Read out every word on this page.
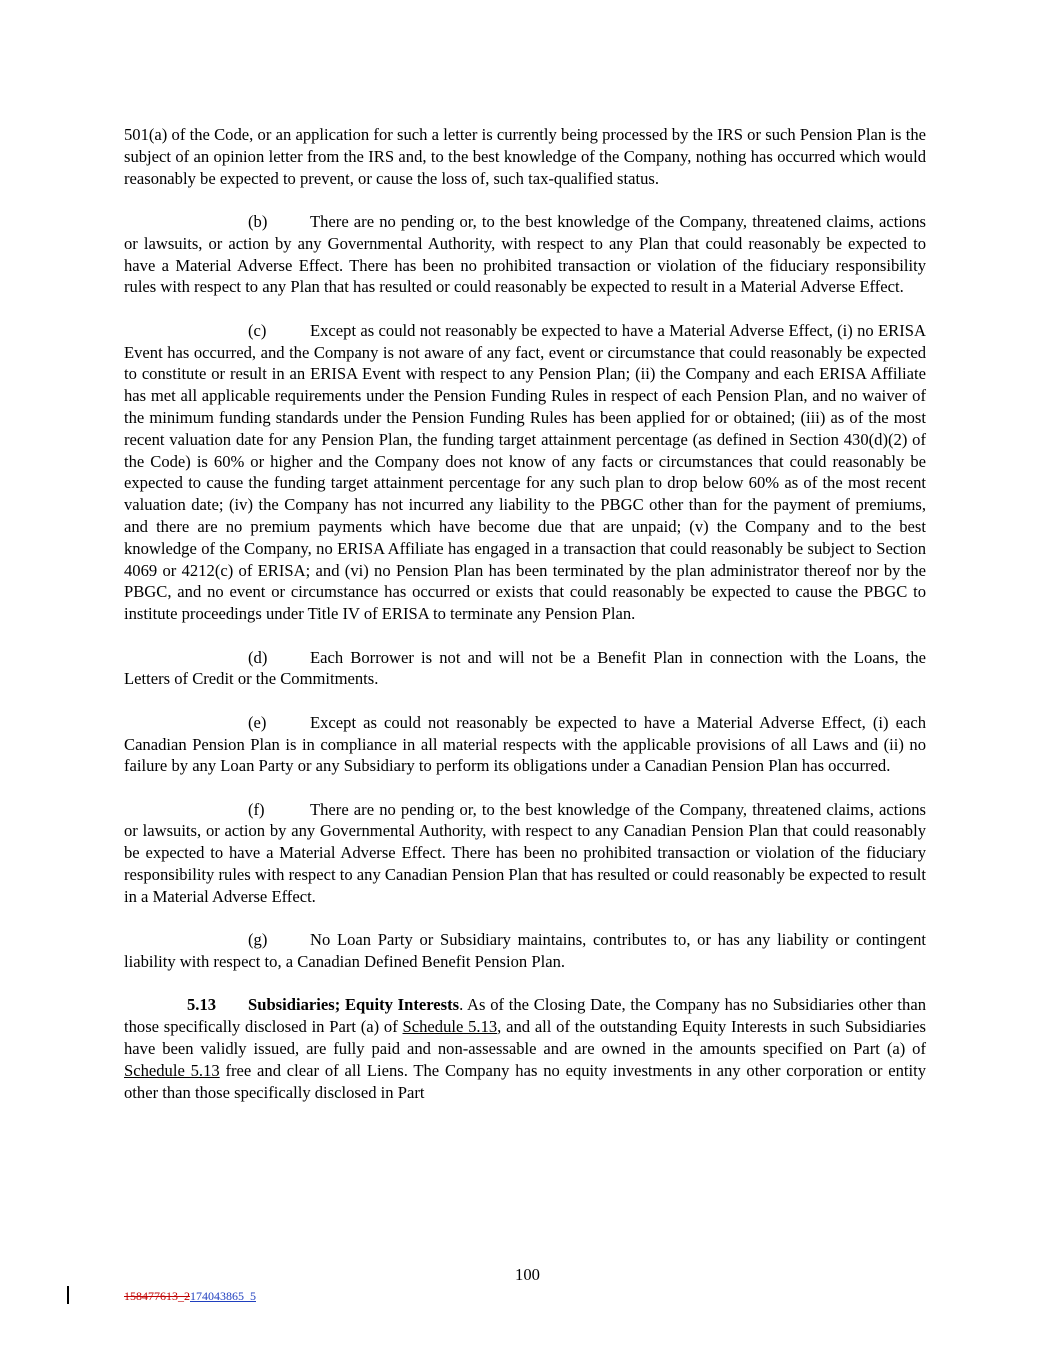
501(a) of the Code, or an application for such a letter is currently being processed by the IRS or such Pension Plan is the subject of an opinion letter from the IRS and, to the best knowledge of the Company, nothing has occurred which would reasonably be expected to prevent, or cause the loss of, such tax-qualified status.

(b)	There are no pending or, to the best knowledge of the Company, threatened claims, actions or lawsuits, or action by any Governmental Authority, with respect to any Plan that could reasonably be expected to have a Material Adverse Effect. There has been no prohibited transaction or violation of the fiduciary responsibility rules with respect to any Plan that has resulted or could reasonably be expected to result in a Material Adverse Effect.

(c)	Except as could not reasonably be expected to have a Material Adverse Effect, (i) no ERISA Event has occurred, and the Company is not aware of any fact, event or circumstance that could reasonably be expected to constitute or result in an ERISA Event with respect to any Pension Plan; (ii) the Company and each ERISA Affiliate has met all applicable requirements under the Pension Funding Rules in respect of each Pension Plan, and no waiver of the minimum funding standards under the Pension Funding Rules has been applied for or obtained; (iii) as of the most recent valuation date for any Pension Plan, the funding target attainment percentage (as defined in Section 430(d)(2) of the Code) is 60% or higher and the Company does not know of any facts or circumstances that could reasonably be expected to cause the funding target attainment percentage for any such plan to drop below 60% as of the most recent valuation date; (iv) the Company has not incurred any liability to the PBGC other than for the payment of premiums, and there are no premium payments which have become due that are unpaid; (v) the Company and to the best knowledge of the Company, no ERISA Affiliate has engaged in a transaction that could reasonably be subject to Section 4069 or 4212(c) of ERISA; and (vi) no Pension Plan has been terminated by the plan administrator thereof nor by the PBGC, and no event or circumstance has occurred or exists that could reasonably be expected to cause the PBGC to institute proceedings under Title IV of ERISA to terminate any Pension Plan.

(d)	Each Borrower is not and will not be a Benefit Plan in connection with the Loans, the Letters of Credit or the Commitments.

(e)	Except as could not reasonably be expected to have a Material Adverse Effect, (i) each Canadian Pension Plan is in compliance in all material respects with the applicable provisions of all Laws and (ii) no failure by any Loan Party or any Subsidiary to perform its obligations under a Canadian Pension Plan has occurred.

(f)	There are no pending or, to the best knowledge of the Company, threatened claims, actions or lawsuits, or action by any Governmental Authority, with respect to any Canadian Pension Plan that could reasonably be expected to have a Material Adverse Effect. There has been no prohibited transaction or violation of the fiduciary responsibility rules with respect to any Canadian Pension Plan that has resulted or could reasonably be expected to result in a Material Adverse Effect.

(g)	No Loan Party or Subsidiary maintains, contributes to, or has any liability or contingent liability with respect to, a Canadian Defined Benefit Pension Plan.

5.13 Subsidiaries; Equity Interests. As of the Closing Date, the Company has no Subsidiaries other than those specifically disclosed in Part (a) of Schedule 5.13, and all of the outstanding Equity Interests in such Subsidiaries have been validly issued, are fully paid and non-assessable and are owned in the amounts specified on Part (a) of Schedule 5.13 free and clear of all Liens. The Company has no equity investments in any other corporation or entity other than those specifically disclosed in Part

100
158477613_2174043865_5
